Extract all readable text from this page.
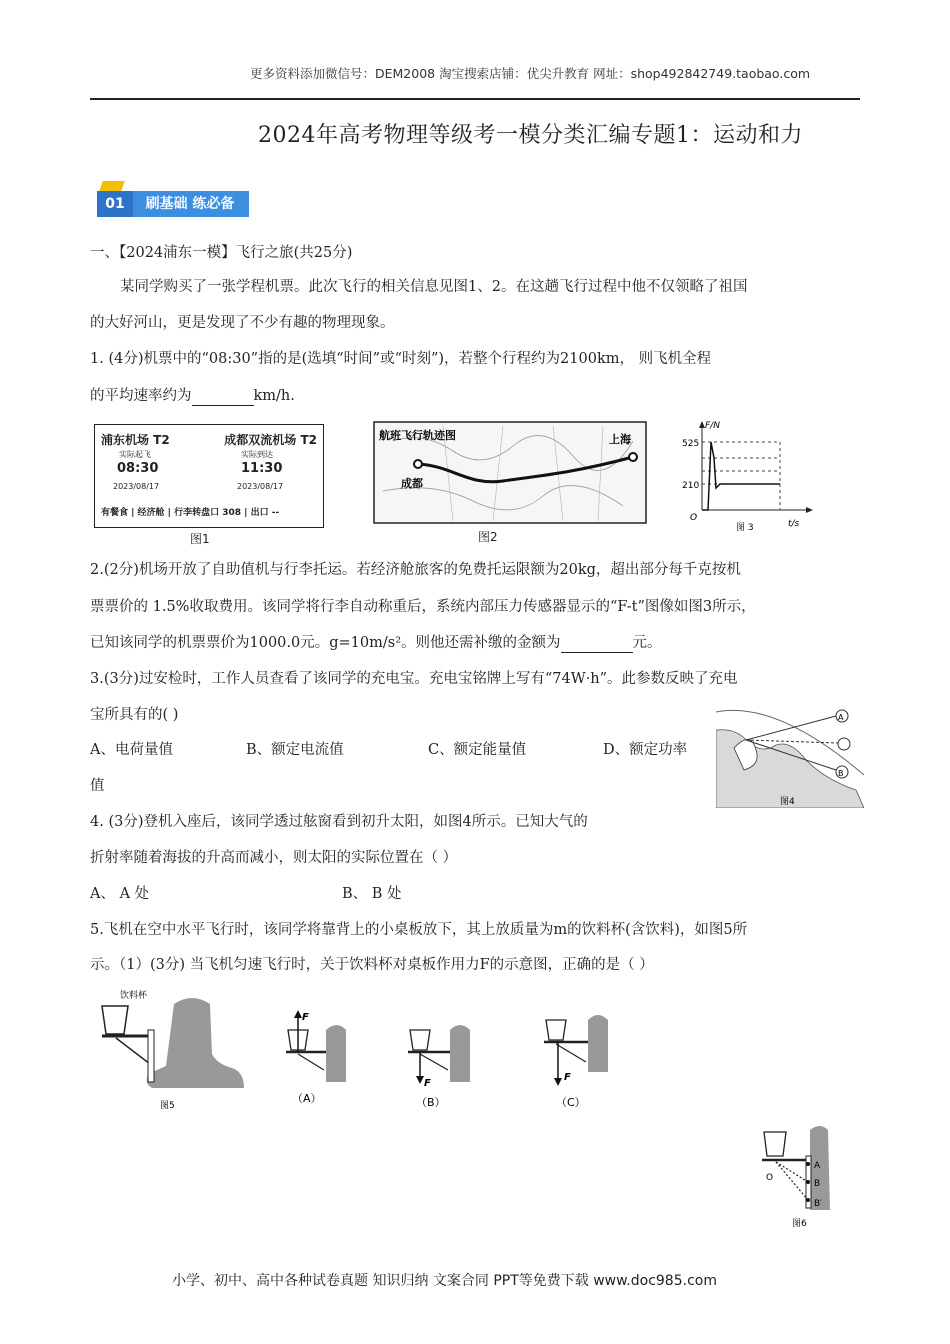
更多资料添加微信号：DEM2008 淘宝搜索店铺：优尖升教育 网址：shop492842749.taobao.com
2024年高考物理等级考一模分类汇编专题1：运动和力
刷基础 练必备
01
一、【2024浦东一模】飞行之旅(共25分)
某同学购买了一张学程机票。此次飞行的相关信息见图1、2。在这趟飞行过程中他不仅领略了祖国
的大好河山，更是发现了不少有趣的物理现象。
1. (4分)机票中的“08:30”指的是(选填“时间”或“时刻”)，若整个行程约为2100km， 则飞机全程
的平均速率约为	km/h.
浦东机场 T2	成都双流机场 T2
实际起飞
08:30
2023/08/17
实际到达
11:30
2023/08/17
有餐食 | 经济舱 | 行李转盘口 308 | 出口 --
图1
航班飞行轨迹图
成都
上海
图2
F/N
525
210
O
t/s
图 3
2.(2分)机场开放了自助值机与行李托运。若经济舱旅客的免费托运限额为20kg，超出部分每千克按机
票票价的 1.5%收取费用。该同学将行李自动称重后，系统内部压力传感器显示的“F-t”图像如图3所示，
已知该同学的机票票价为1000.0元。g=10m/s²。则他还需补缴的金额为	元。
3.(3分)过安检时，工作人员查看了该同学的充电宝。充电宝铭牌上写有“74W·h”。此参数反映了充电
宝所具有的( )
A、电荷量值	B、额定电流值	C、额定能量值	D、额定功率
值
A
B
图4
4. (3分)登机入座后，该同学透过舷窗看到初升太阳，如图4所示。已知大气的
折射率随着海拔的升高而减小，则太阳的实际位置在（ ）
A、 A 处	B、 B 处
5.飞机在空中水平飞行时，该同学将靠背上的小桌板放下，其上放质量为m的饮料杯(含饮料)，如图5所
示。（1）(3分) 当飞机匀速飞行时，关于饮料杯对桌板作用力F的示意图，正确的是（ ）
饮料杯
图5
F
（A）
F
（B）
F
（C）
O
A
B
B′
图6
小学、初中、高中各种试卷真题 知识归纳 文案合同 PPT等免费下载 www.doc985.com
